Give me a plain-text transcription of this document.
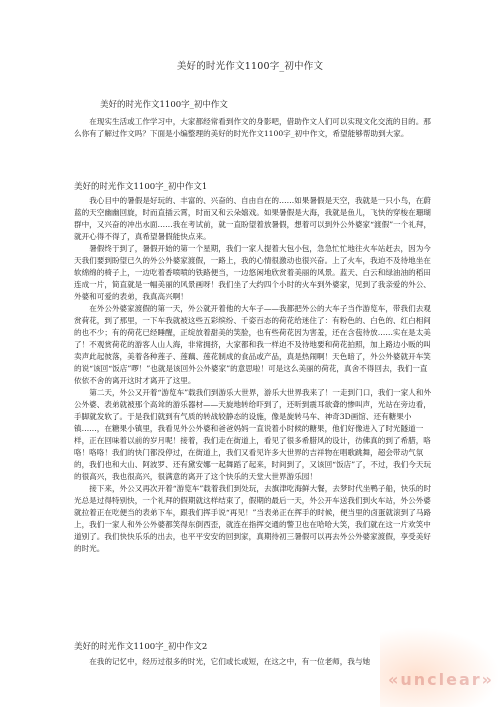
美好的时光作文1100字_初中作文
美好的时光作文1100字_初中作文

在现实生活或工作学习中，大家都经常看到作文的身影吧，借助作文人们可以实现文化交流的目的。那么你有了解过作文吗？下面是小编整理的美好的时光作文1100字_初中作文，希望能够帮助到大家。

美好的时光作文1100字_初中作文1

我心目中的暑假是好玩的、丰富的、兴奋的、自由自在的……如果暑假是天空，我就是一只小鸟，在蔚蓝的天空幽幽回旋，时而直插云霄，时而又和云朵嬉戏。如果暑假是大海，我就是鱼儿，飞快的穿梭在珊瑚群中，又兴奋的冲出水面……我在考试前，就一直盼望着放暑假，想着可以到外公外婆家“渡假”一个礼拜，就开心得不得了，真希望暑假能快点来。

暑假终于到了，暑假开始的第一个星期，我们一家人提着大包小包，急急忙忙地往火车站赶去，因为今天我们要到盼望已久的外公外婆家渡假，一路上，我的心情很激动也很兴奋。上了火车，我迫不及待地坐在软绵绵的椅子上，一边吃着香喷喷的铁路便当，一边悠闲地欣赏着美丽的风景。蓝天、白云和绿油油的稻田连成一片，简直就是一幅美丽的风景画呀！我们坐了大约四个小时的火车到外婆家，见到了我亲爱的外公、外婆和可爱的表弟，我真高兴啊！

在外公外婆家渡假的第一天，外公就开着他的大车子——我都把外公的大车子当作游览车，带我们去观赏荷花，到了那里，一下车我就被这些五彩缤纷、千姿百态的荷花给迷住了：有粉色的、白色的、红白相间的也不少；有的荷花已经睡醒，正绽放着甜美的笑脸，也有些荷花因为害羞，还在含苞待放……实在是太美了！不观赏荷花的游客人山人海，非常拥挤，大家都和我一样迫不及待地要和荷花拍照，加上路边小贩的叫卖声此起彼落，美着各种莲子、莲藕、莲花制成的食品或产品，真是热闹啊！天色暗了，外公外婆就开车笑的说“该回“饭店”啰！”也就是该回外公外婆家”的意思啦！可是这么美丽的荷花，真舍不得回去，我们一直依依不舍的离开这时才离开了这里。

第二天，外公又开着“游览车”载我们到游乐大世界，游乐大世界我来了！一走到门口，我们一家人和外公外婆、表弟就被那个高耸的游乐器材——天旋地转给吓到了，还听到震耳欲聋的惨叫声，光站在旁边看，手脚就发软了。于是我们就到有气质的转战较静态的设施，像是旋转马车、神奇3D画馆、还有糖果小镇……，在糖果小镇里，我看见外公外婆和爸爸妈妈一直说着小时候的糖果，他们好像进入了时光隧道一样，正在回味着以前的岁月呢！接着，我们走在街道上，看见了很多希腊风的设计，彷佛真的到了希腊，咯咯！咯咯！我们的快门都没停过，在街道上，我们又看见许多大世界的吉祥物在唱歌跳舞，超会带动气氛的，我们也和大山、阿波罗、还有黛安娜一起舞蹈了起来，时间到了，又该回“饭店”了，不过，我们今天玩的很高兴，我也很高兴，很满意的离开了这个快乐的天堂大世界游乐园！

接下来，外公又再次开着“游览车”载着我们到处玩，去旗津吃海鲜大餐，去梦时代坐鸭子船，快乐的时光总是过得特别快，一个礼拜的假期就这样结束了，假期的最后一天，外公开车送我们到火车站，外公外婆就拉着正在吃便当的表弟下车，跟我们挥手说“再见！”当表弟正在挥手的时候，便当里的卤蛋就滚到了马路上，我们一家人和外公外婆都笑得东倒西歪，就连在指挥交通的警卫也在哈哈大笑，我们就在这一片欢笑中道别了。我们快快乐乐的出去，也平平安安的回到家，真期待初三暑假可以再去外公外婆家渡假，享受美好的时光。

美好的时光作文1100字_初中作文2

在我的记忆中，经历过很多的时光，它们或长或短，在这之中，有一位老师，我与她

«unclear»
